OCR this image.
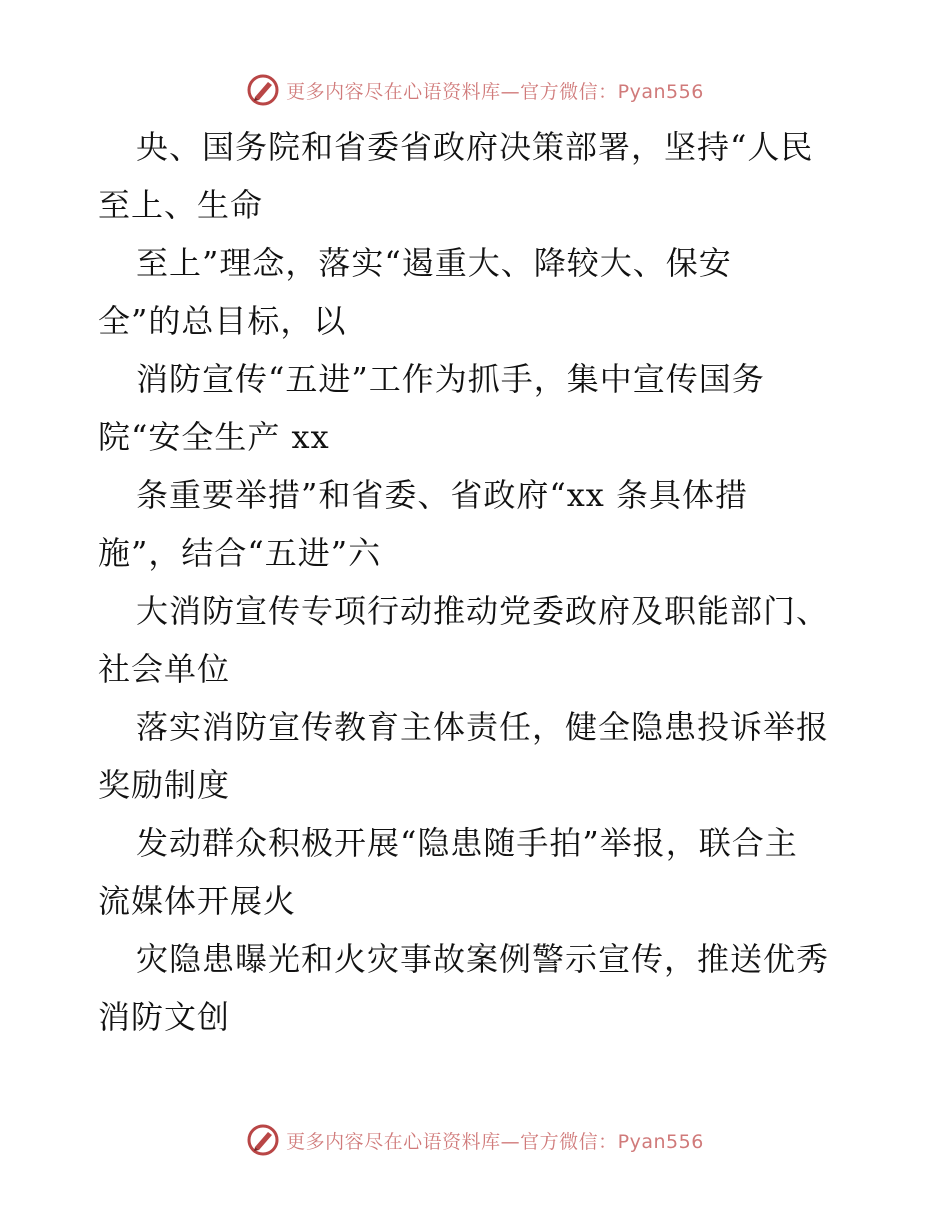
更多内容尽在心语资料库—官方微信：Pyan556

央、国务院和省委省政府决策部署，坚持“人民
至上、生命

至上”理念，落实“遏重大、降较大、保安
全”的总目标，以

消防宣传“五进”工作为抓手，集中宣传国务
院“安全生产 xx

条重要举措”和省委、省政府“xx 条具体措
施”，结合“五进”六

大消防宣传专项行动推动党委政府及职能部门、
社会单位

落实消防宣传教育主体责任，健全隐患投诉举报
奖励制度

发动群众积极开展“隐患随手拍”举报，联合主
流媒体开展火

灾隐患曝光和火灾事故案例警示宣传，推送优秀
消防文创

更多内容尽在心语资料库—官方微信：Pyan556
